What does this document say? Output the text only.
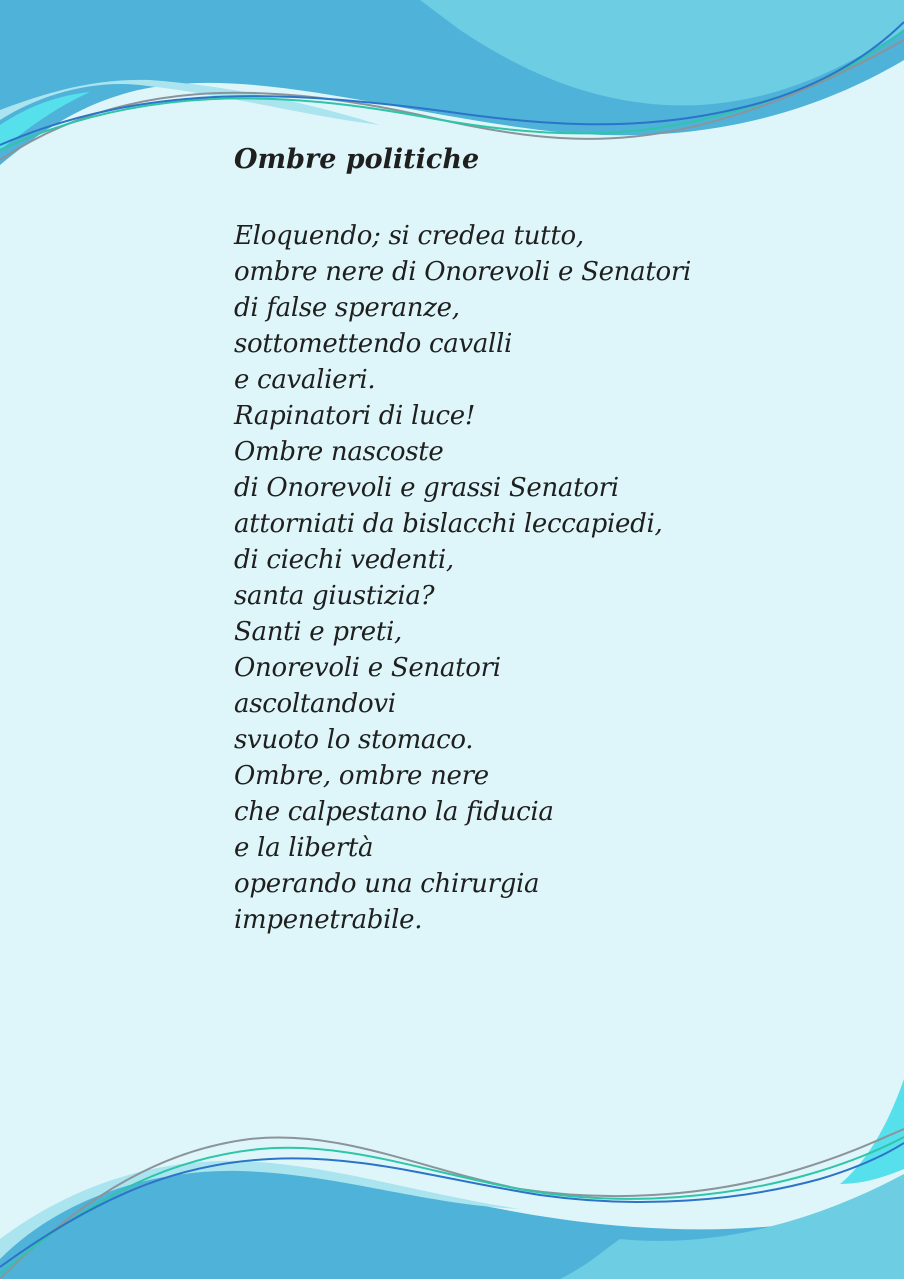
Ombre politiche
Eloquendo; si credea tutto,
ombre nere di Onorevoli e Senatori
di false speranze,
sottomettendo cavalli
e cavalieri.
Rapinatori di luce!
Ombre nascoste
di Onorevoli e grassi Senatori
attorniati da bislacchi leccapiedi,
di ciechi vedenti,
santa giustizia?
Santi e preti,
Onorevoli e Senatori
ascoltandovi
svuoto lo stomaco.
Ombre, ombre nere
che calpestano la fiducia
e la libertà
operando una chirurgia
impenetrabile.
